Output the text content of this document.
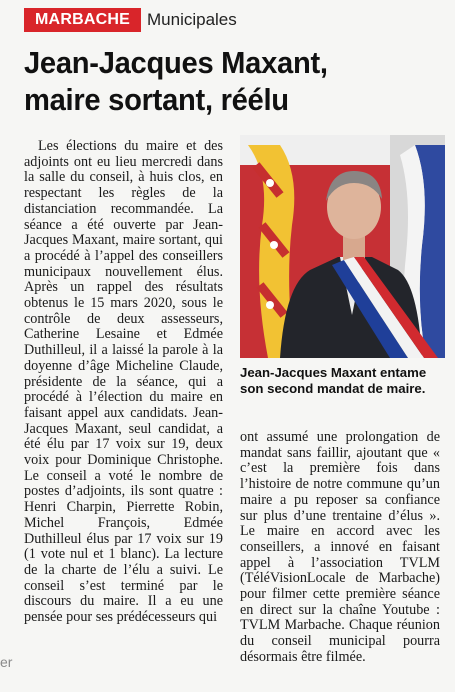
MARBACHE	Municipales
Jean-Jacques Maxant,
maire sortant, réélu

Les élections du maire et des adjoints ont eu lieu mercredi dans la salle du conseil, à huis clos, en respectant les règles de la distanciation recommandée. La séance a été ouverte par Jean-Jacques Maxant, maire sortant, qui a procédé à l’appel des conseillers municipaux nouvellement élus. Après un rappel des résultats obtenus le 15 mars 2020, sous le contrôle de deux assesseurs, Catherine Lesaine et Edmée Duthilleul, il a laissé la parole à la doyenne d’âge Micheline Claude, présidente de la séance, qui a procédé à l’élection du maire en faisant appel aux candidats. Jean-Jacques Maxant, seul candidat, a été élu par 17 voix sur 19, deux voix pour Dominique Christophe. Le conseil a voté le nombre de postes d’adjoints, ils sont quatre : Henri Charpin, Pierrette Robin, Michel François, Edmée Duthilleul élus par 17 voix sur 19 (1 vote nul et 1 blanc). La lecture de la charte de l’élu a suivi. Le conseil s’est terminé par le discours du maire. Il a eu une pensée pour ses prédécesseurs qui

Jean-Jacques Maxant entame son second mandat de maire.

ont assumé une prolongation de mandat sans faillir, ajoutant que « c’est la première fois dans l’histoire de notre commune qu’un maire a pu reposer sa confiance sur plus d’une trentaine d’élus ». Le maire en accord avec les conseillers, a innové en faisant appel à l’association TVLM (TéléVisionLocale de Marbache) pour filmer cette première séance en direct sur la chaîne Youtube : TVLM Marbache. Chaque réunion du conseil municipal pourra désormais être filmée.

er
